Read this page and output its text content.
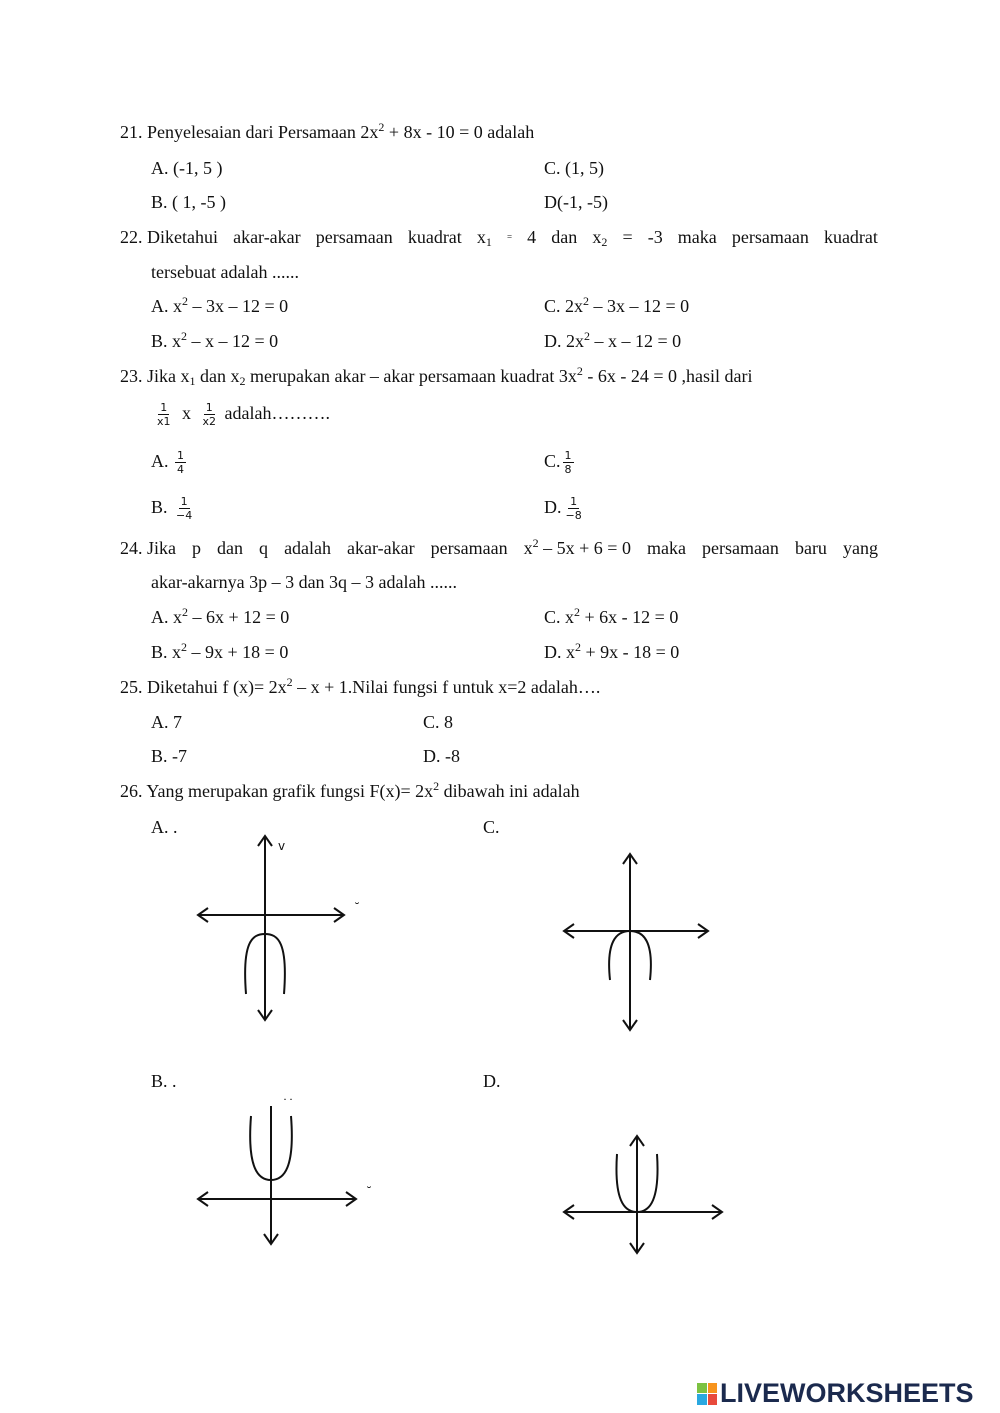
21. Penyelesaian dari Persamaan $2x^2 + 8x - 10 = 0$ adalah
A. (-1, 5 )	C. (1, 5)
B. ( 1, -5 )	D(-1, -5)
22. Diketahui akar-akar persamaan kuadrat $x_1 = 4$ dan $x_2 = -3$ maka persamaan kuadrat
tersebuat adalah ......
A. $x^2 - 3x - 12 = 0$	C. $2x^2 - 3x - 12 = 0$
B. $x^2 - x - 12 = 0$	D. $2x^2 - x - 12 = 0$
23. Jika $x_1$ dan $x_2$ merupakan akar – akar persamaan kuadrat $3x^2 - 6x - 24 = 0$ ,hasil dari
$\frac{1}{x1}$ x $\frac{1}{x2}$ adalah……….
A. $\frac{1}{4}$	C. $\frac{1}{8}$
B. $\frac{1}{-4}$	D. $\frac{1}{-8}$
24. Jika p dan q adalah akar-akar persamaan $x^2 - 5x + 6 = 0$ maka persamaan baru yang
akar-akarnya 3p – 3 dan 3q – 3 adalah ......
A. $x^2 - 6x + 12 = 0$	C. $x^2 + 6x - 12 = 0$
B. $x^2 - 9x + 18 = 0$	D. $x^2 + 9x - 18 = 0$
25. Diketahui f $(x)= 2x^2 - x$ + 1.Nilai fungsi f untuk x=2 adalah….
A. 7	C. 8
B. -7	D. -8
26. Yang merupakan grafik fungsi $F(x)= 2x^2$ dibawah ini adalah
A. .	C.
B. .	D.
v
˘
˙˙
˘
LIVEWORKSHEETS
